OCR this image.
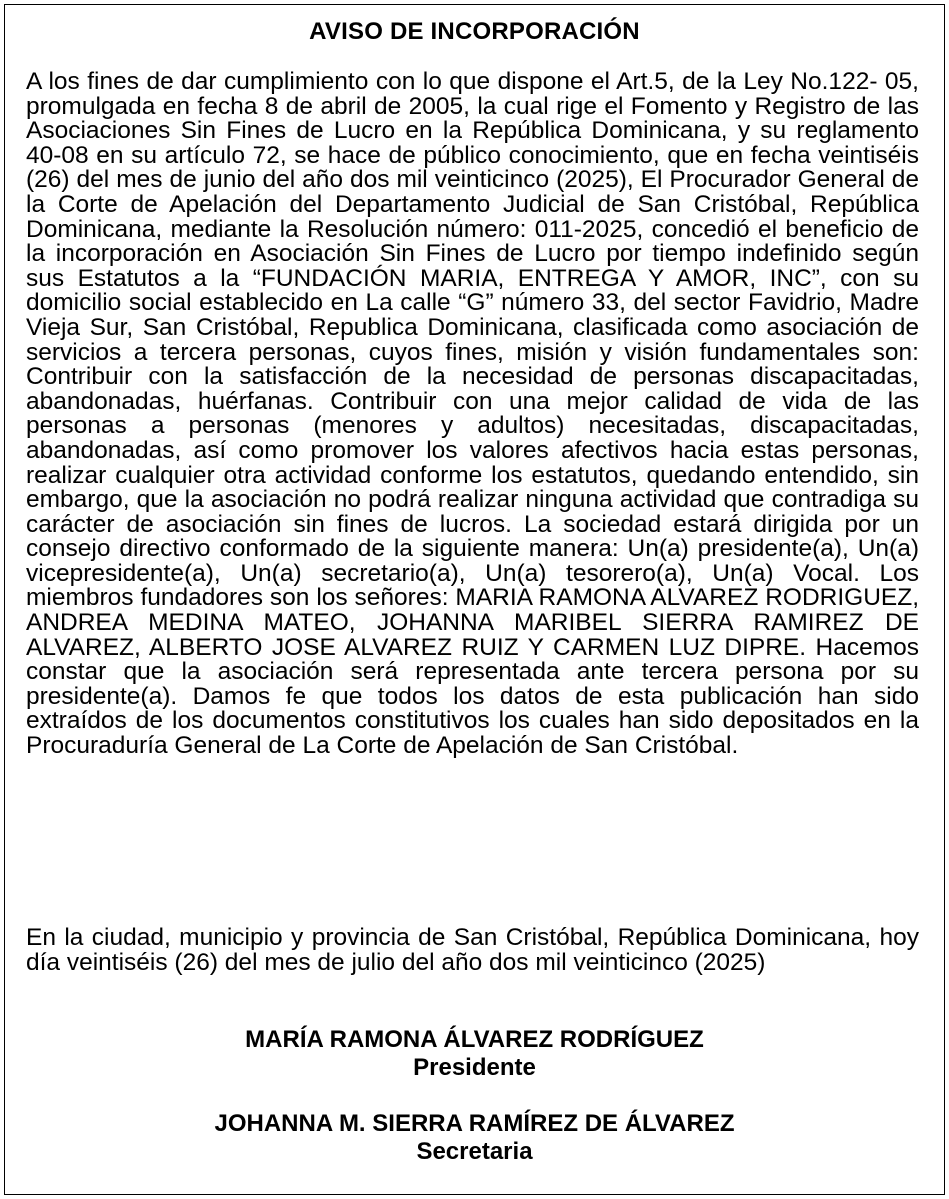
AVISO DE INCORPORACIÓN

A los fines de dar cumplimiento con lo que dispone el Art.5, de la Ley No.122- 05, promulgada en fecha 8 de abril de 2005, la cual rige el Fomento y Registro de las Asociaciones Sin Fines de Lucro en la República Dominicana, y su reglamento 40-08 en su artículo 72, se hace de público conocimiento, que en fecha veintiséis (26) del mes de junio del año dos mil veinticinco (2025), El Procurador General de la Corte de Apelación del Departamento Judicial de San Cristóbal, República Dominicana, mediante la Resolución número: 011-2025, concedió el beneficio de la incorporación en Asociación Sin Fines de Lucro por tiempo indefinido según sus Estatutos a la “FUNDACIÓN MARIA, ENTREGA Y AMOR, INC”, con su domicilio social establecido en La calle “G” número 33, del sector Favidrio, Madre Vieja Sur, San Cristóbal, Republica Dominicana, clasificada como asociación de servicios a tercera personas, cuyos fines, misión y visión fundamentales son: Contribuir con la satisfacción de la necesidad de personas discapacitadas, abandonadas, huérfanas. Contribuir con una mejor calidad de vida de las personas a personas (menores y adultos) necesitadas, discapacitadas, abandonadas, así como promover los valores afectivos hacia estas personas, realizar cualquier otra actividad conforme los estatutos, quedando entendido, sin embargo, que la asociación no podrá realizar ninguna actividad que contradiga su carácter de asociación sin fines de lucros. La sociedad estará dirigida por un consejo directivo conformado de la siguiente manera: Un(a) presidente(a), Un(a) vicepresidente(a), Un(a) secretario(a), Un(a) tesorero(a), Un(a) Vocal. Los miembros fundadores son los señores: MARIA RAMONA ALVAREZ RODRIGUEZ, ANDREA MEDINA MATEO, JOHANNA MARIBEL SIERRA RAMIREZ DE ALVAREZ, ALBERTO JOSE ALVAREZ RUIZ Y CARMEN LUZ DIPRE. Hacemos constar que la asociación será representada ante tercera persona por su presidente(a). Damos fe que todos los datos de esta publicación han sido extraídos de los documentos constitutivos los cuales han sido depositados en la Procuraduría General de La Corte de Apelación de San Cristóbal.

En la ciudad, municipio y provincia de San Cristóbal, República Dominicana, hoy día veintiséis (26) del mes de julio del año dos mil veinticinco (2025)

MARÍA RAMONA ÁLVAREZ RODRÍGUEZ
Presidente
JOHANNA M. SIERRA RAMÍREZ DE ÁLVAREZ
Secretaria
